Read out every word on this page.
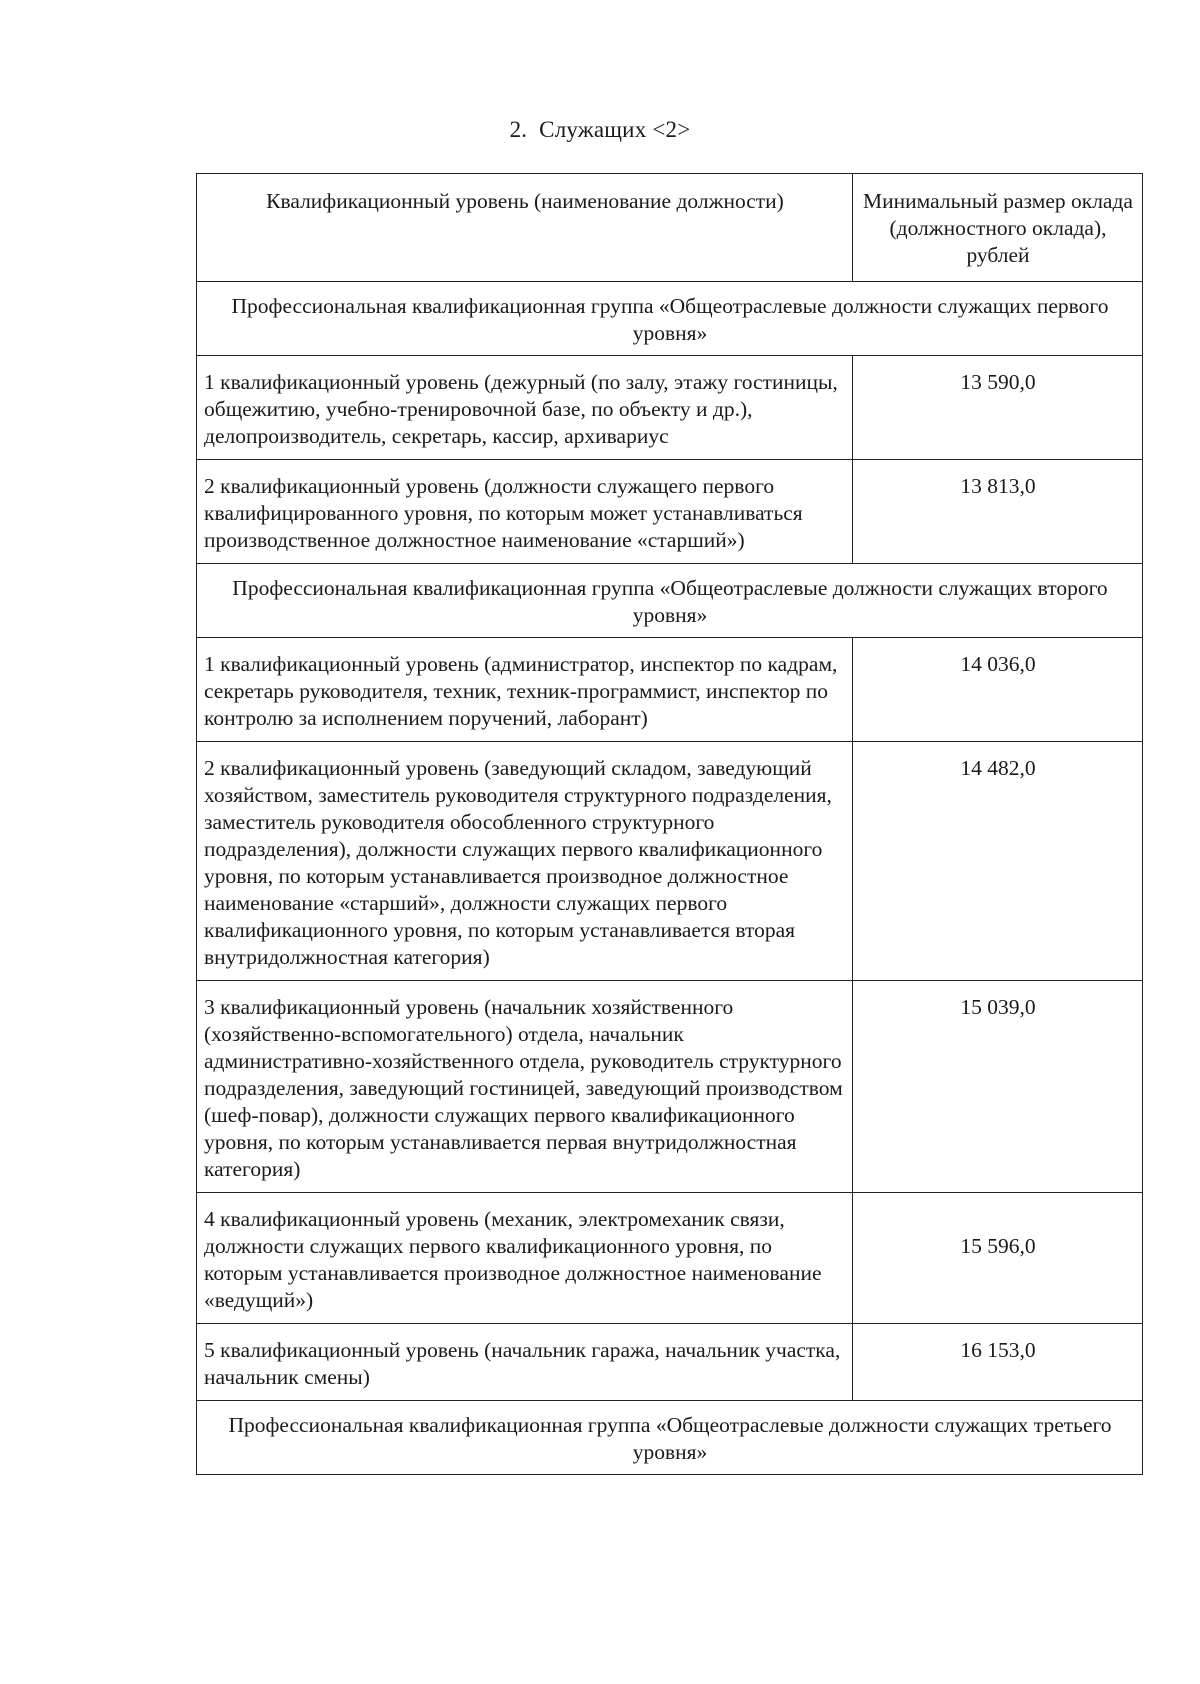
2.  Служащих <2>
Квалификационный уровень (наименование должности)	Минимальный размер оклада (должностного оклада), рублей
Профессиональная квалификационная группа «Общеотраслевые должности служащих первого уровня»	
1 квалификационный уровень (дежурный (по залу, этажу гостиницы, общежитию, учебно-тренировочной базе, по объекту и др.), делопроизводитель, секретарь, кассир, архивариус	13 590,0
2 квалификационный уровень (должности служащего первого квалифицированного уровня, по которым может устанавливаться производственное должностное наименование «старший»)	13 813,0
Профессиональная квалификационная группа «Общеотраслевые должности служащих второго уровня»	
1 квалификационный уровень (администратор, инспектор по кадрам, секретарь руководителя, техник, техник-программист, инспектор по контролю за исполнением поручений, лаборант)	14 036,0
2 квалификационный уровень (заведующий складом, заведующий хозяйством, заместитель руководителя структурного подразделения, заместитель руководителя обособленного структурного подразделения), должности служащих первого квалификационного уровня, по которым устанавливается производное должностное наименование «старший», должности служащих первого квалификационного уровня, по которым устанавливается вторая внутридолжностная категория)	14 482,0
3 квалификационный уровень (начальник хозяйственного (хозяйственно-вспомогательного) отдела, начальник административно-хозяйственного отдела, руководитель структурного подразделения, заведующий гостиницей, заведующий производством (шеф-повар), должности служащих первого квалификационного уровня, по которым устанавливается первая внутридолжностная категория)	15 039,0
4 квалификационный уровень (механик, электромеханик связи, должности служащих первого квалификационного уровня, по которым устанавливается производное должностное наименование «ведущий»)	15 596,0
5 квалификационный уровень (начальник гаража, начальник участка, начальник смены)	16 153,0
Профессиональная квалификационная группа «Общеотраслевые должности служащих третьего уровня»	
